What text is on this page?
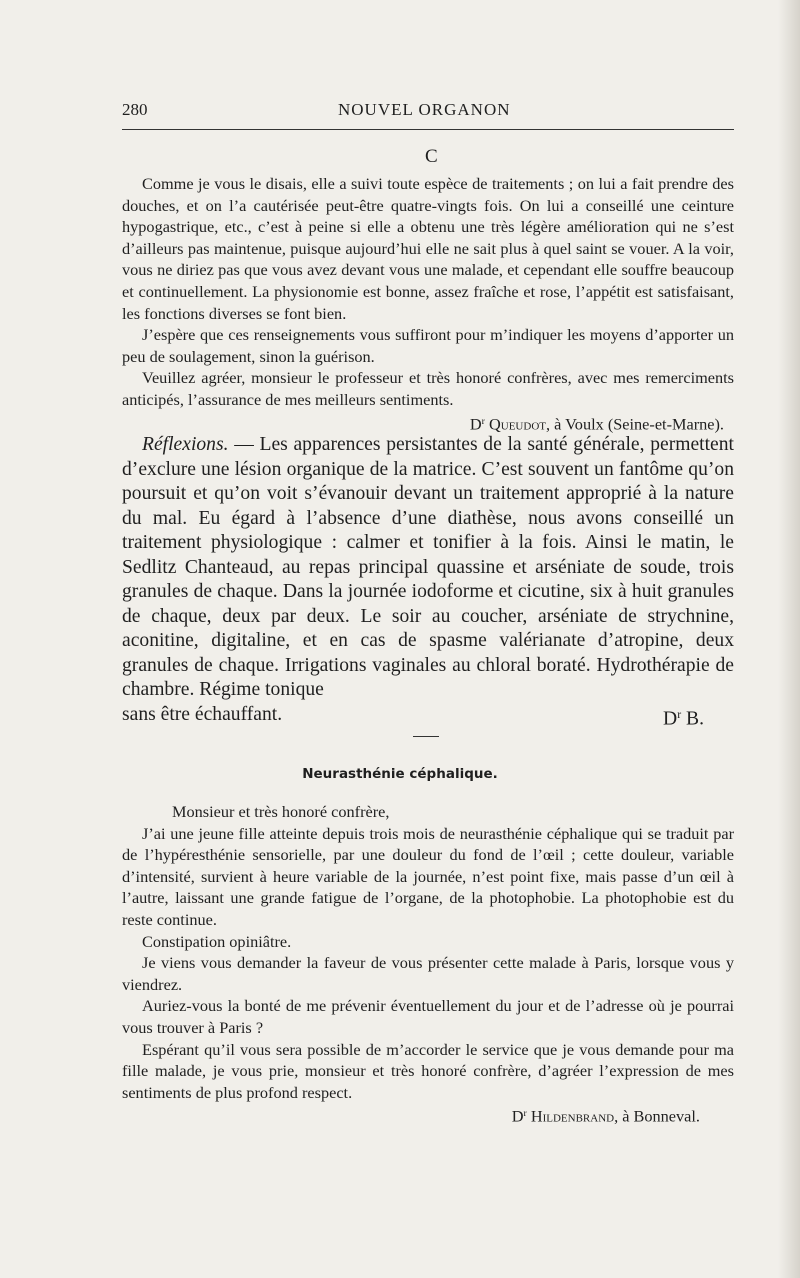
280	NOUVEL ORGANON
C

Comme je vous le disais, elle a suivi toute espèce de traitements ; on lui a fait prendre des douches, et on l’a cautérisée peut-être quatre-vingts fois. On lui a conseillé une ceinture hypogastrique, etc., c’est à peine si elle a obtenu une très légère amélioration qui ne s’est d’ailleurs pas maintenue, puisque aujourd’hui elle ne sait plus à quel saint se vouer. A la voir, vous ne diriez pas que vous avez devant vous une malade, et cependant elle souffre beaucoup et continuellement. La physionomie est bonne, assez fraîche et rose, l’appétit est satisfaisant, les fonctions diverses se font bien.

J’espère que ces renseignements vous suffiront pour m’indiquer les moyens d’apporter un peu de soulagement, sinon la guérison.

Veuillez agréer, monsieur le professeur et très honoré confrères, avec mes remerciments anticipés, l’assurance de mes meilleurs sentiments.

$D^r$ Queudot, à Voulx (Seine-et-Marne).

Réflexions. — Les apparences persistantes de la santé générale, permettent d’exclure une lésion organique de la matrice. C’est souvent un fantôme qu’on poursuit et qu’on voit s’évanouir devant un traitement approprié à la nature du mal. Eu égard à l’absence d’une diathèse, nous avons conseillé un traitement physiologique : calmer et tonifier à la fois. Ainsi le matin, le Sedlitz Chanteaud, au repas principal quassine et arséniate de soude, trois granules de chaque. Dans la journée iodoforme et cicutine, six à huit granules de chaque, deux par deux. Le soir au coucher, arséniate de strychnine, aconitine, digitaline, et en cas de spasme valérianate d’atropine, deux granules de chaque. Irrigations vaginales au chloral boraté. Hydrothérapie de chambre. Régime tonique

sans être échauffant.	$D^r$ B.
Neurasthénie céphalique.

Monsieur et très honoré confrère,

J’ai une jeune fille atteinte depuis trois mois de neurasthénie céphalique qui se traduit par de l’hypéresthénie sensorielle, par une douleur du fond de l’œil ; cette douleur, variable d’intensité, survient à heure variable de la journée, n’est point fixe, mais passe d’un œil à l’autre, laissant une grande fatigue de l’organe, de la photophobie. La photophobie est du reste continue.

Constipation opiniâtre.

Je viens vous demander la faveur de vous présenter cette malade à Paris, lorsque vous y viendrez.

Auriez-vous la bonté de me prévenir éventuellement du jour et de l’adresse où je pourrai vous trouver à Paris ?

Espérant qu’il vous sera possible de m’accorder le service que je vous demande pour ma fille malade, je vous prie, monsieur et très honoré confrère, d’agréer l’expression de mes sentiments de plus profond respect.

$D^r$ Hildenbrand, à Bonneval.
